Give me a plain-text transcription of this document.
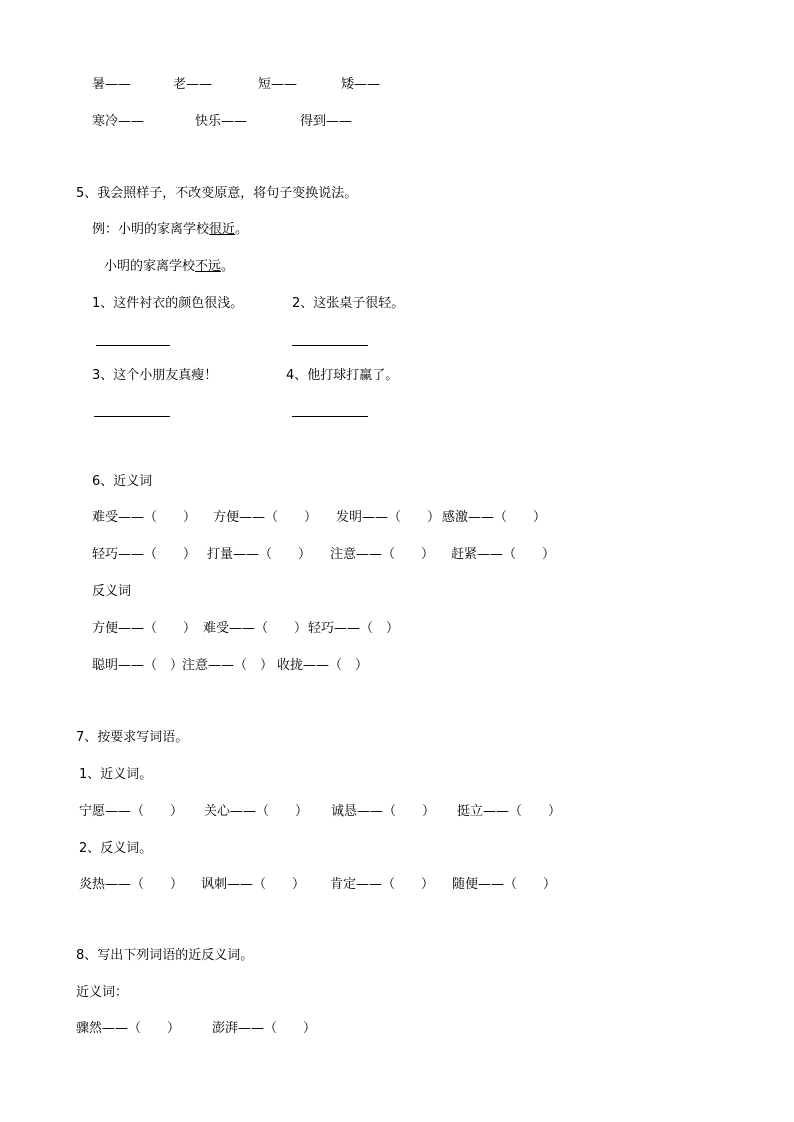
暑——	老——	短——	矮——
寒冷——	快乐——	得到——
5、我会照样子，不改变原意，将句子变换说法。
例：小明的家离学校很近。
小明的家离学校不远。
1、这件衬衣的颜色很浅。	2、这张桌子很轻。
3、这个小朋友真瘦！	4、他打球打赢了。
6、近义词
难受——（　　） 方便——（　　） 发明——（　　） 感激——（　　）
轻巧——（　　） 打量——（　　） 注意——（　　） 赶紧——（　　）
反义词
方便——（　　） 难受——（　　） 轻巧——（　）
聪明——（　）
注意——（　） 收拢——（　）
7、按要求写词语。
1、近义词。
宁愿——（　　） 关心——（　　） 诚恳——（　　） 挺立——（　　）
2、反义词。
炎热——（　　） 讽刺——（　　） 肯定——（　　） 随便——（　　）
8、写出下列词语的近反义词。
近义词：
骤然——（　　） 澎湃——（　　）
